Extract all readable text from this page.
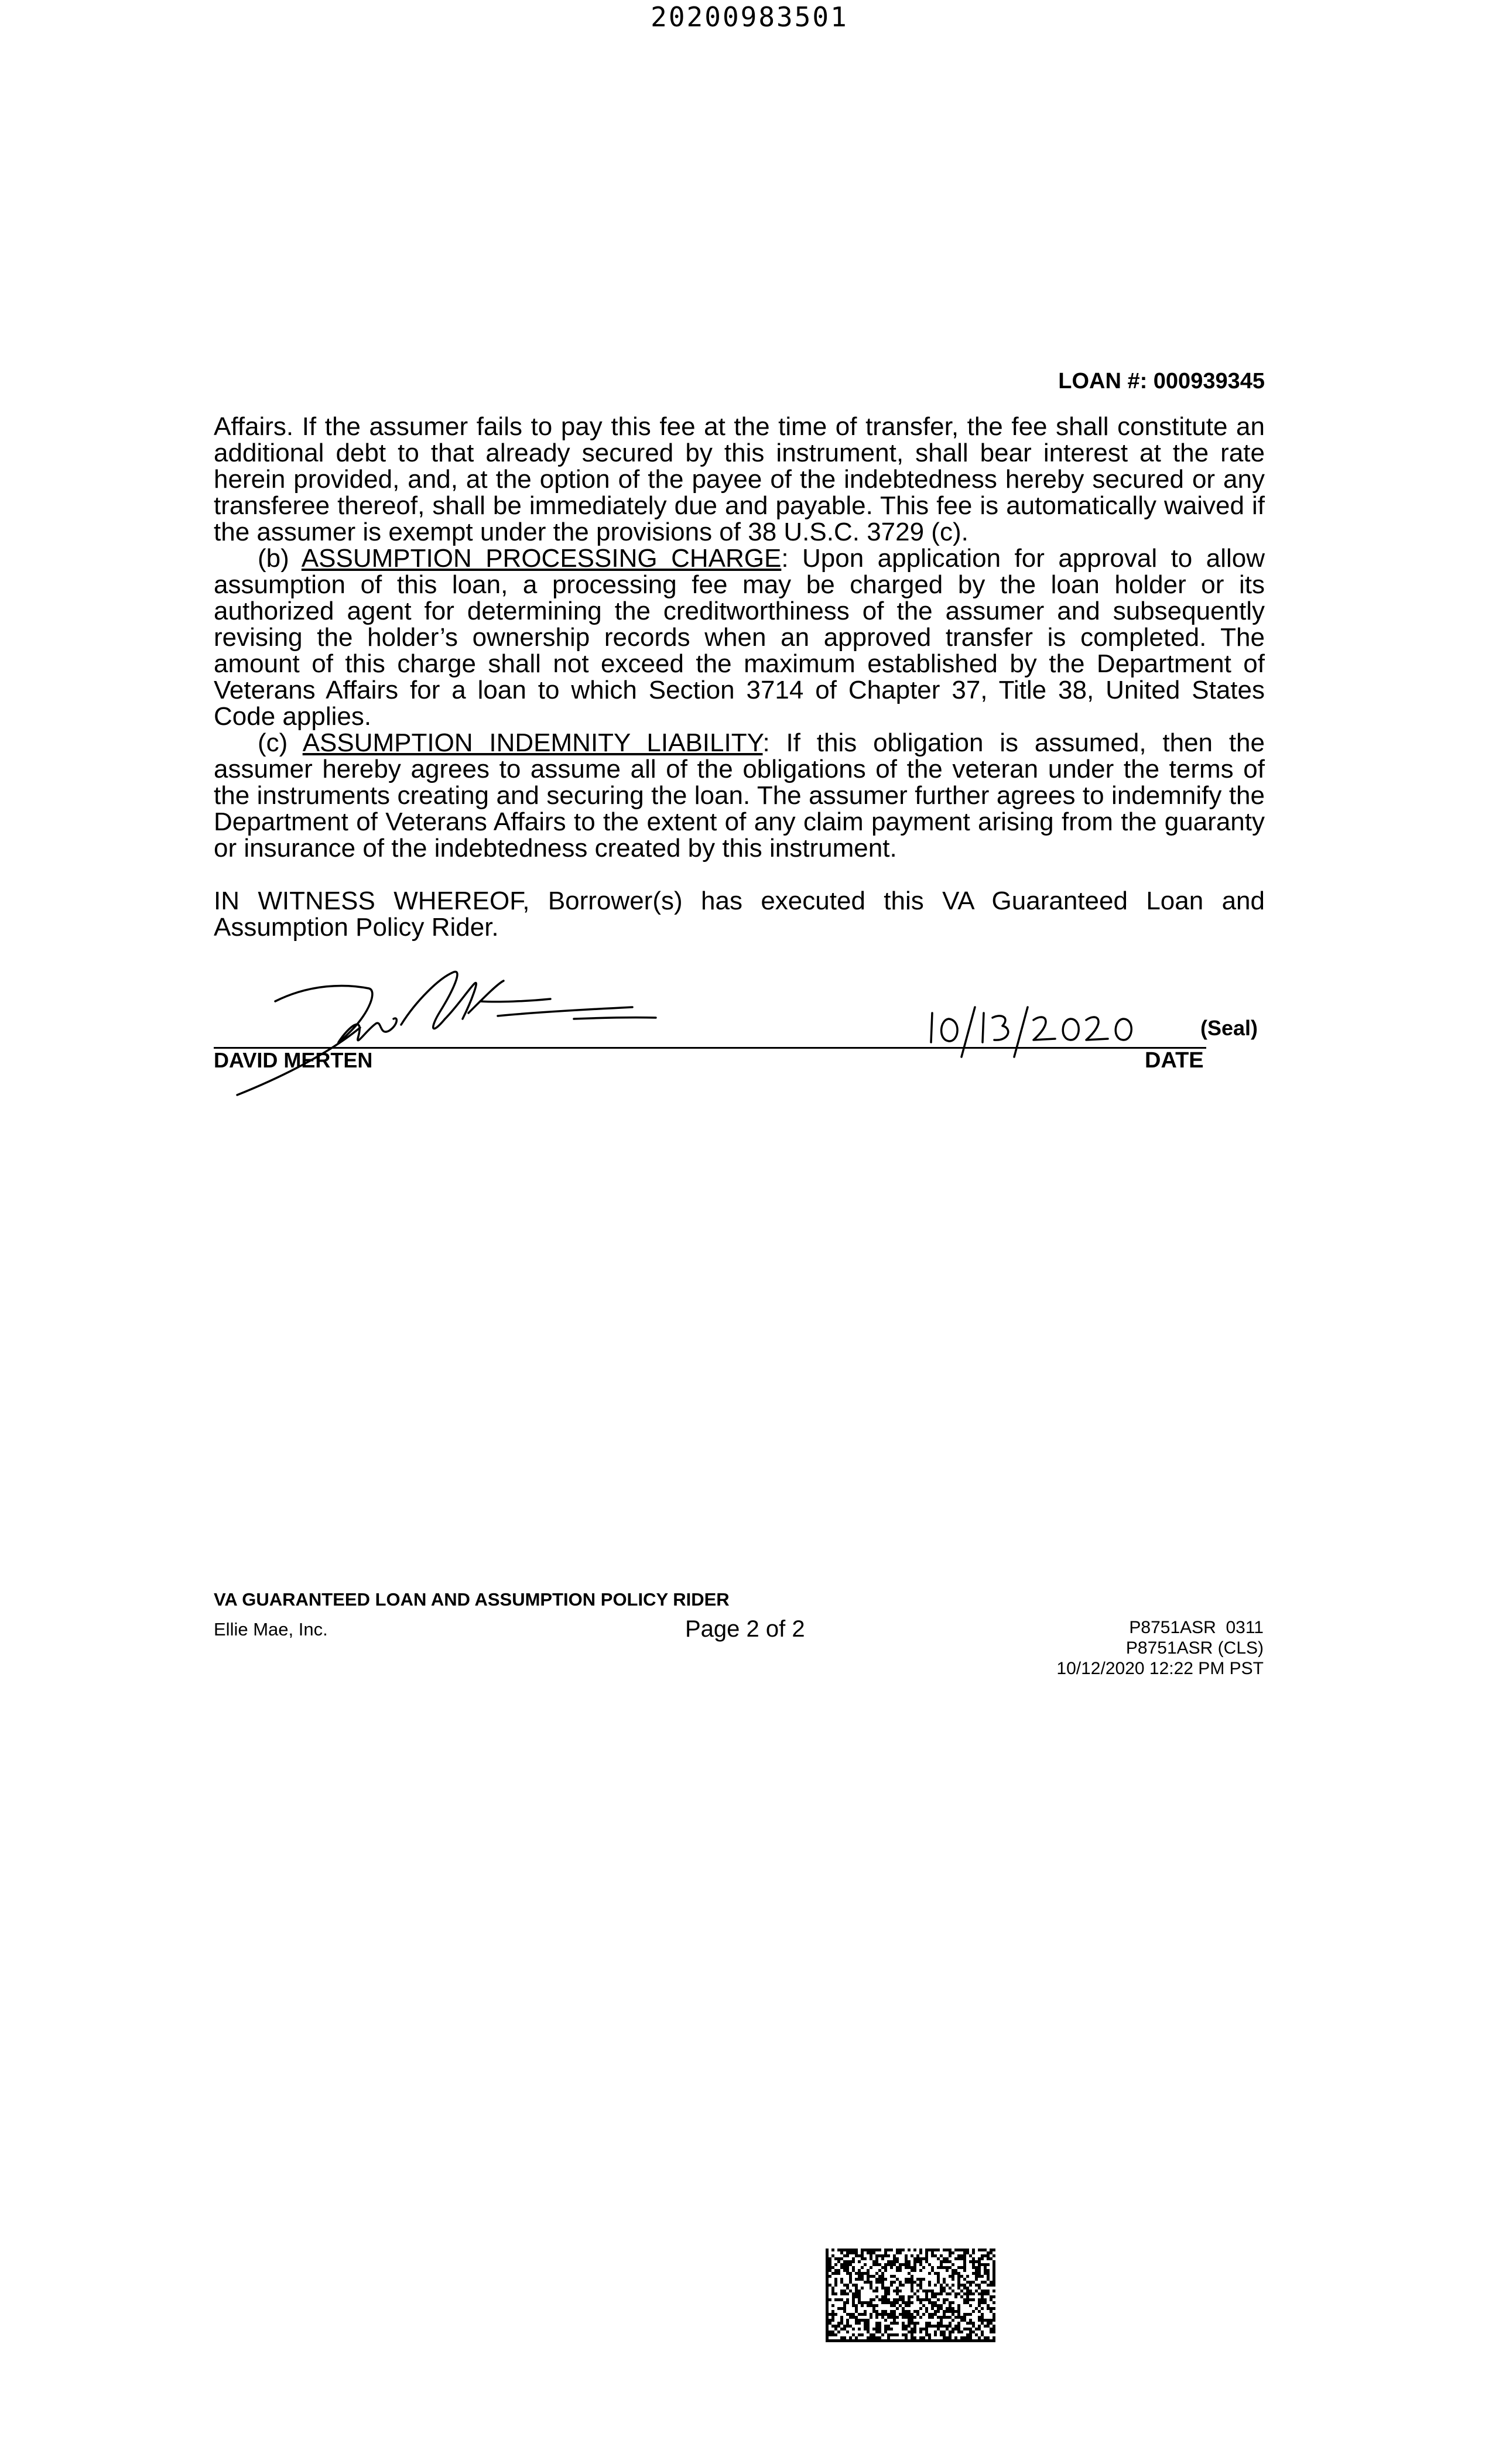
20200983501
LOAN #: 000939345

Affairs. If the assumer fails to pay this fee at the time of transfer, the fee shall constitute an additional debt to that already secured by this instrument, shall bear interest at the rate herein provided, and, at the option of the payee of the indebtedness hereby secured or any transferee thereof, shall be immediately due and payable. This fee is automatically waived if the assumer is exempt under the provisions of 38 U.S.C. 3729 (c).

(b) ASSUMPTION PROCESSING CHARGE: Upon application for approval to allow assumption of this loan, a processing fee may be charged by the loan holder or its authorized agent for determining the creditworthiness of the assumer and subsequently revising the holder’s ownership records when an approved transfer is completed. The amount of this charge shall not exceed the maximum established by the Department of Veterans Affairs for a loan to which Section 3714 of Chapter 37, Title 38, United States Code applies.

(c) ASSUMPTION INDEMNITY LIABILITY: If this obligation is assumed, then the assumer hereby agrees to assume all of the obligations of the veteran under the terms of the instruments creating and securing the loan. The assumer further agrees to indemnify the Department of Veterans Affairs to the extent of any claim payment arising from the guaranty or insurance of the indebtedness created by this instrument.

IN WITNESS WHEREOF, Borrower(s) has executed this VA Guaranteed Loan and Assumption Policy Rider.

(Seal)
DAVID MERTEN	DATE
VA GUARANTEED LOAN AND ASSUMPTION POLICY RIDER
Ellie Mae, Inc.	Page 2 of 2	P8751ASR  0311
P8751ASR (CLS)
10/12/2020 12:22 PM PST
